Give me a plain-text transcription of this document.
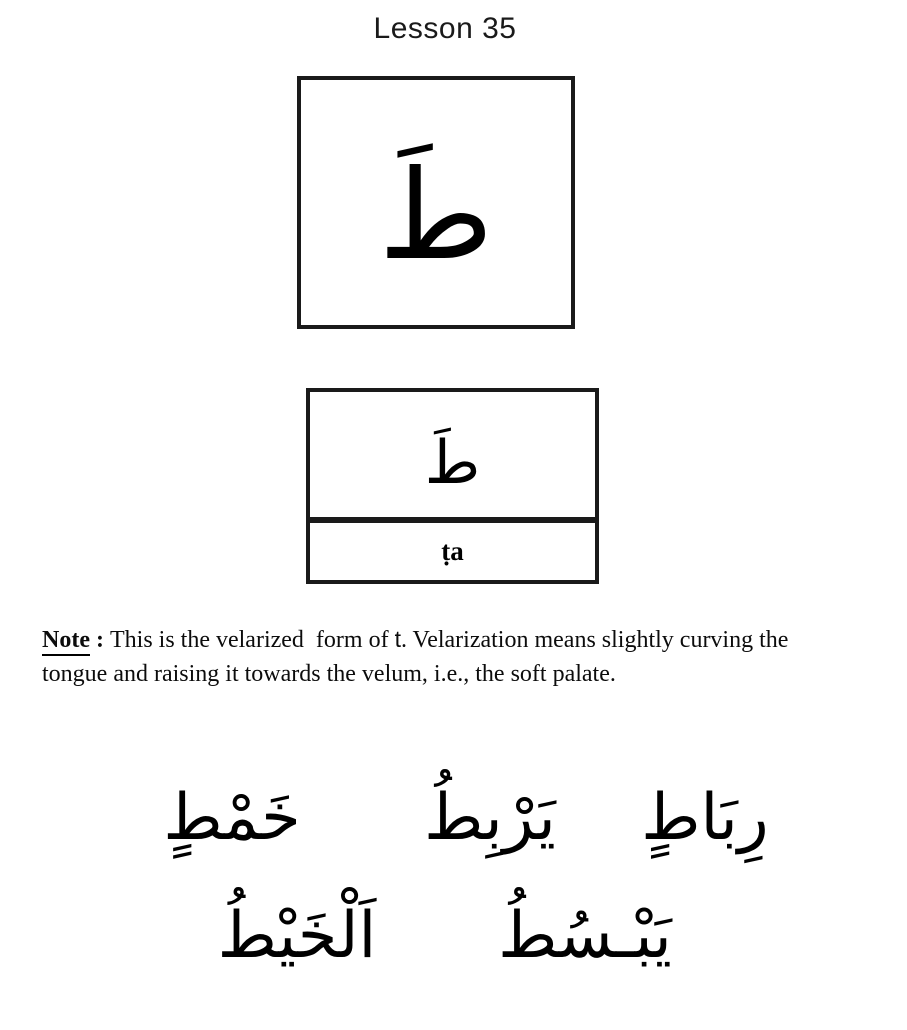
Lesson 35
طَ
طَ
ṭa

Note : This is the velarized  form of t. Velarization means slightly curving the
tongue and raising it towards the velum, i.e., the soft palate.

رِبَاطٍ
يَرْبِطُ
خَمْطٍ
يَبْـسُطُ
اَلْخَيْطُ
